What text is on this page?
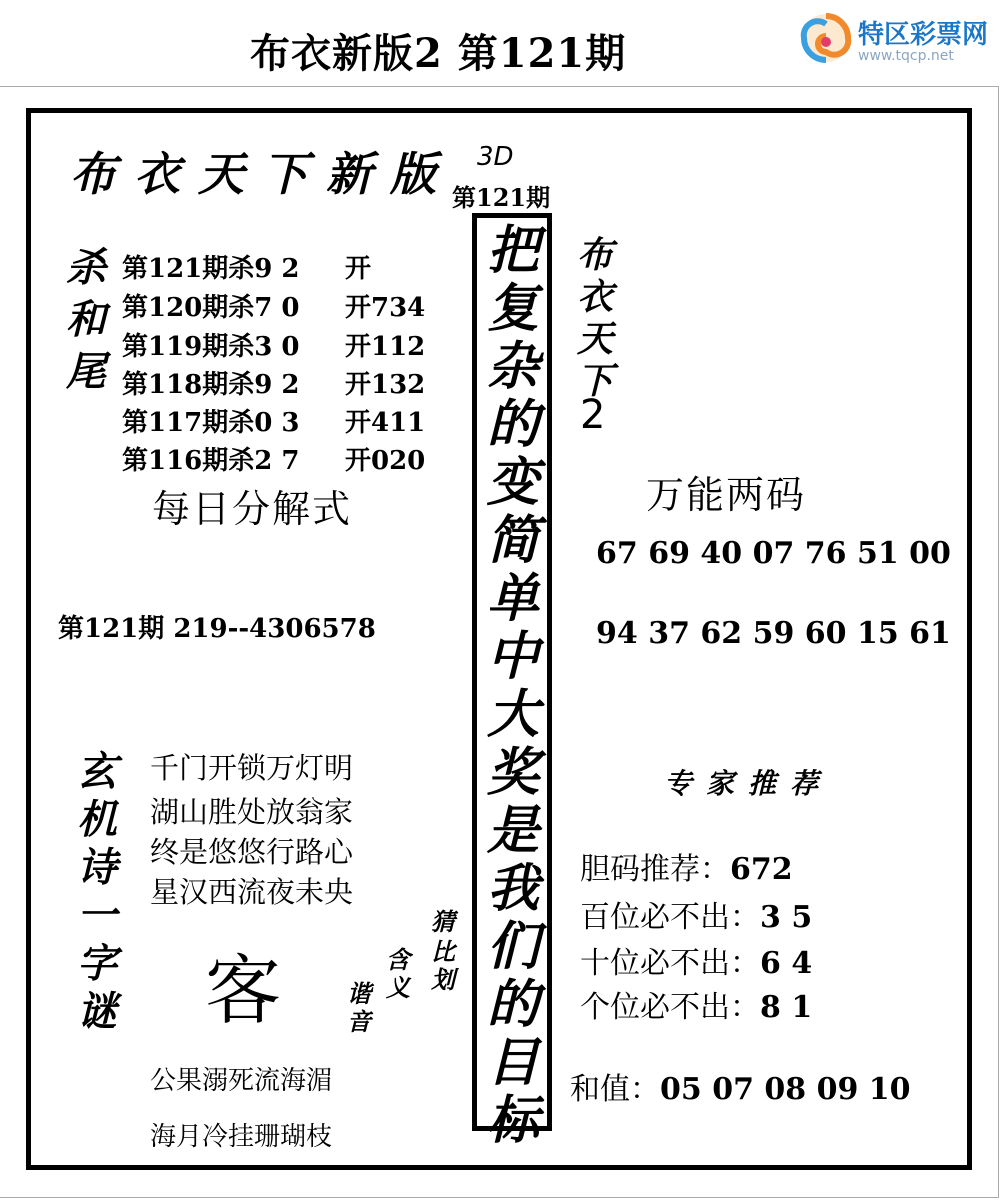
布衣新版2 第121期	特区彩票网
www.tqcp.net
布衣天下新版 3D
第121期
把复杂的变简单中大奖是我们的目标
杀和尾
第121期杀9 2 开
第120期杀7 0 开734
第119期杀3 0 开112
第118期杀9 2 开132
第117期杀0 3 开411
第116期杀2 7 开020
每日分解式
第121期 219--4306578
布衣天下
2
万能两码
67 69 40 07 76 51 00
94 37 62 59 60 15 61
玄机诗一字谜
千门开锁万灯明
湖山胜处放翁家
终是悠悠行路心
星汉西流夜未央
客
猜
比划
含义
谐音
公果溺死流海湄
海月冷挂珊瑚枝
专家推荐
胆码推荐：672
百位必不出：3 5
十位必不出：6 4
个位必不出：8 1
和值：05 07 08 09 10
